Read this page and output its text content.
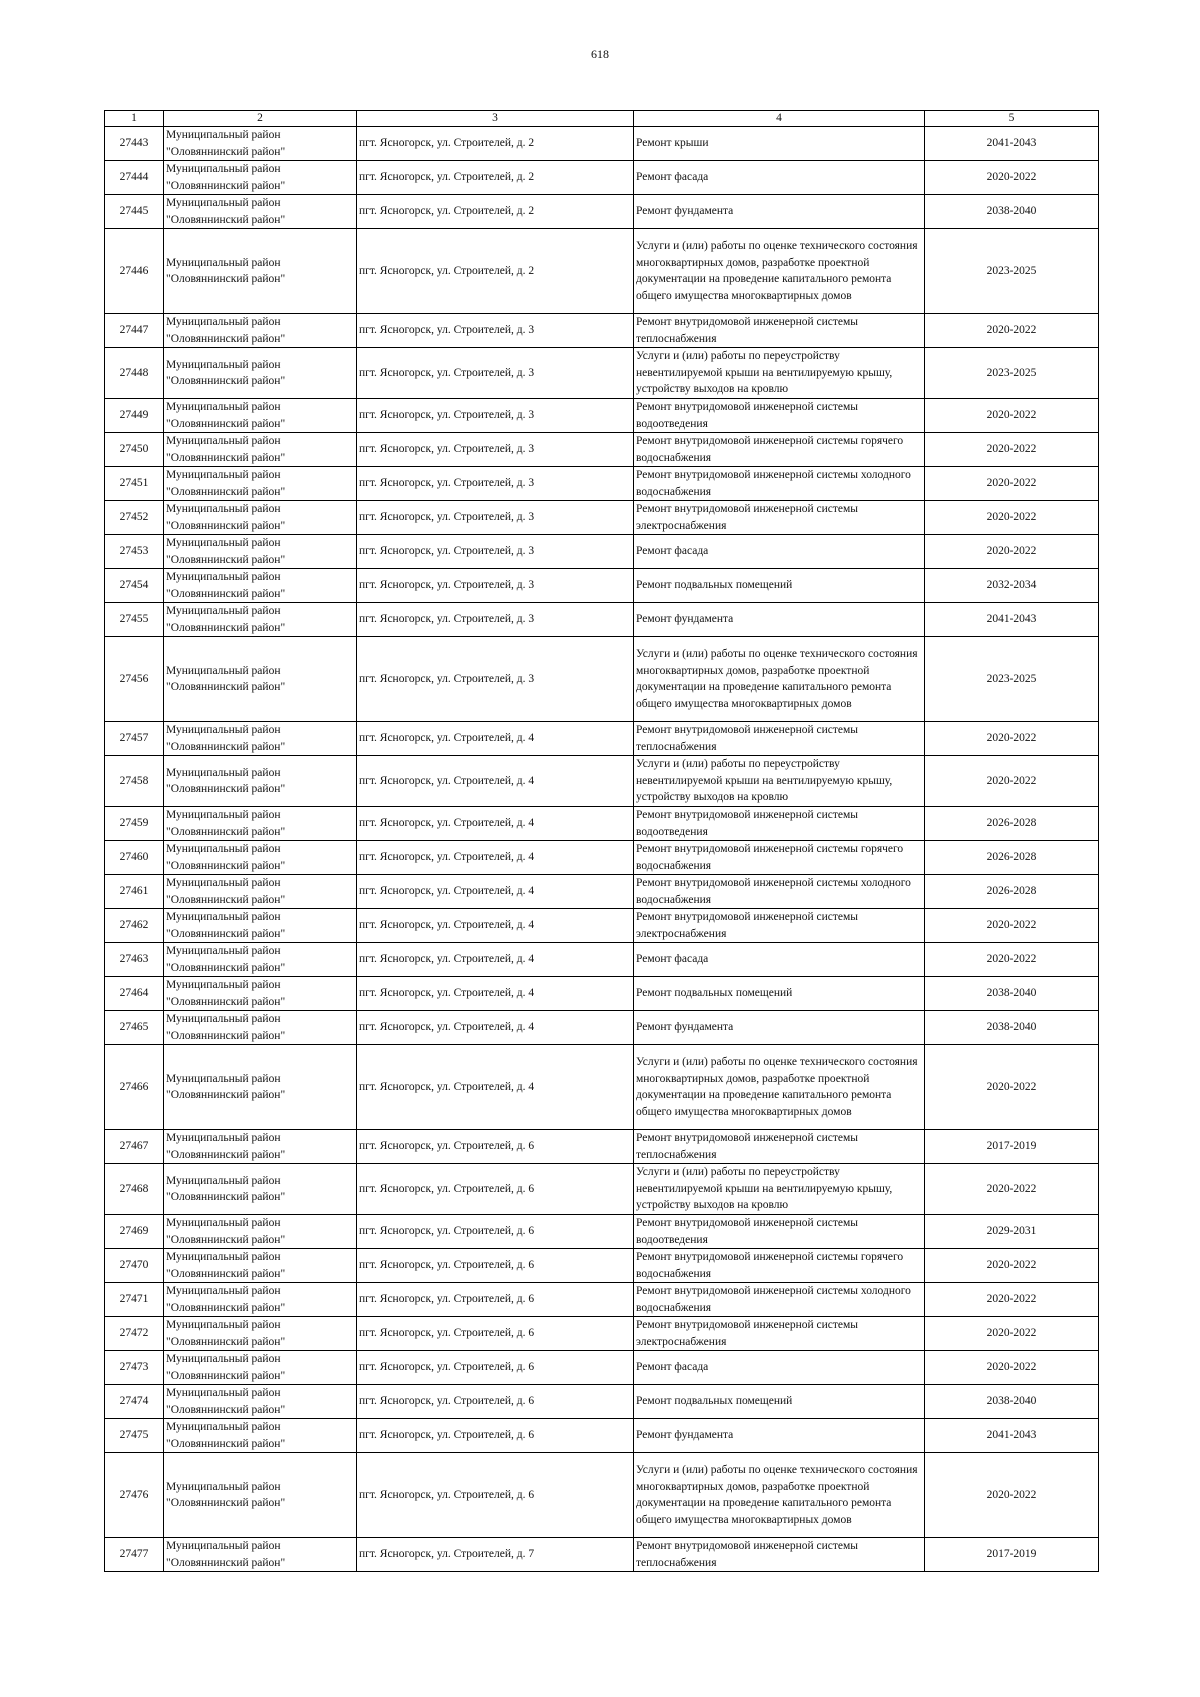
618
1	2	3	4	5
27443	Муниципальный район "Оловяннинский район"	пгт. Ясногорск, ул. Строителей, д. 2	Ремонт крыши	2041-2043
27444	Муниципальный район "Оловяннинский район"	пгт. Ясногорск, ул. Строителей, д. 2	Ремонт фасада	2020-2022
27445	Муниципальный район "Оловяннинский район"	пгт. Ясногорск, ул. Строителей, д. 2	Ремонт фундамента	2038-2040
27446	Муниципальный район "Оловяннинский район"	пгт. Ясногорск, ул. Строителей, д. 2	Услуги и (или) работы по оценке технического состояния многоквартирных домов, разработке проектной документации на проведение капитального ремонта общего имущества многоквартирных домов	2023-2025
27447	Муниципальный район "Оловяннинский район"	пгт. Ясногорск, ул. Строителей, д. 3	Ремонт внутридомовой инженерной системы теплоснабжения	2020-2022
27448	Муниципальный район "Оловяннинский район"	пгт. Ясногорск, ул. Строителей, д. 3	Услуги и (или) работы по переустройству невентилируемой крыши на вентилируемую крышу, устройству выходов на кровлю	2023-2025
27449	Муниципальный район "Оловяннинский район"	пгт. Ясногорск, ул. Строителей, д. 3	Ремонт внутридомовой инженерной системы водоотведения	2020-2022
27450	Муниципальный район "Оловяннинский район"	пгт. Ясногорск, ул. Строителей, д. 3	Ремонт внутридомовой инженерной системы горячего водоснабжения	2020-2022
27451	Муниципальный район "Оловяннинский район"	пгт. Ясногорск, ул. Строителей, д. 3	Ремонт внутридомовой инженерной системы холодного водоснабжения	2020-2022
27452	Муниципальный район "Оловяннинский район"	пгт. Ясногорск, ул. Строителей, д. 3	Ремонт внутридомовой инженерной системы электроснабжения	2020-2022
27453	Муниципальный район "Оловяннинский район"	пгт. Ясногорск, ул. Строителей, д. 3	Ремонт фасада	2020-2022
27454	Муниципальный район "Оловяннинский район"	пгт. Ясногорск, ул. Строителей, д. 3	Ремонт подвальных помещений	2032-2034
27455	Муниципальный район "Оловяннинский район"	пгт. Ясногорск, ул. Строителей, д. 3	Ремонт фундамента	2041-2043
27456	Муниципальный район "Оловяннинский район"	пгт. Ясногорск, ул. Строителей, д. 3	Услуги и (или) работы по оценке технического состояния многоквартирных домов, разработке проектной документации на проведение капитального ремонта общего имущества многоквартирных домов	2023-2025
27457	Муниципальный район "Оловяннинский район"	пгт. Ясногорск, ул. Строителей, д. 4	Ремонт внутридомовой инженерной системы теплоснабжения	2020-2022
27458	Муниципальный район "Оловяннинский район"	пгт. Ясногорск, ул. Строителей, д. 4	Услуги и (или) работы по переустройству невентилируемой крыши на вентилируемую крышу, устройству выходов на кровлю	2020-2022
27459	Муниципальный район "Оловяннинский район"	пгт. Ясногорск, ул. Строителей, д. 4	Ремонт внутридомовой инженерной системы водоотведения	2026-2028
27460	Муниципальный район "Оловяннинский район"	пгт. Ясногорск, ул. Строителей, д. 4	Ремонт внутридомовой инженерной системы горячего водоснабжения	2026-2028
27461	Муниципальный район "Оловяннинский район"	пгт. Ясногорск, ул. Строителей, д. 4	Ремонт внутридомовой инженерной системы холодного водоснабжения	2026-2028
27462	Муниципальный район "Оловяннинский район"	пгт. Ясногорск, ул. Строителей, д. 4	Ремонт внутридомовой инженерной системы электроснабжения	2020-2022
27463	Муниципальный район "Оловяннинский район"	пгт. Ясногорск, ул. Строителей, д. 4	Ремонт фасада	2020-2022
27464	Муниципальный район "Оловяннинский район"	пгт. Ясногорск, ул. Строителей, д. 4	Ремонт подвальных помещений	2038-2040
27465	Муниципальный район "Оловяннинский район"	пгт. Ясногорск, ул. Строителей, д. 4	Ремонт фундамента	2038-2040
27466	Муниципальный район "Оловяннинский район"	пгт. Ясногорск, ул. Строителей, д. 4	Услуги и (или) работы по оценке технического состояния многоквартирных домов, разработке проектной документации на проведение капитального ремонта общего имущества многоквартирных домов	2020-2022
27467	Муниципальный район "Оловяннинский район"	пгт. Ясногорск, ул. Строителей, д. 6	Ремонт внутридомовой инженерной системы теплоснабжения	2017-2019
27468	Муниципальный район "Оловяннинский район"	пгт. Ясногорск, ул. Строителей, д. 6	Услуги и (или) работы по переустройству невентилируемой крыши на вентилируемую крышу, устройству выходов на кровлю	2020-2022
27469	Муниципальный район "Оловяннинский район"	пгт. Ясногорск, ул. Строителей, д. 6	Ремонт внутридомовой инженерной системы водоотведения	2029-2031
27470	Муниципальный район "Оловяннинский район"	пгт. Ясногорск, ул. Строителей, д. 6	Ремонт внутридомовой инженерной системы горячего водоснабжения	2020-2022
27471	Муниципальный район "Оловяннинский район"	пгт. Ясногорск, ул. Строителей, д. 6	Ремонт внутридомовой инженерной системы холодного водоснабжения	2020-2022
27472	Муниципальный район "Оловяннинский район"	пгт. Ясногорск, ул. Строителей, д. 6	Ремонт внутридомовой инженерной системы электроснабжения	2020-2022
27473	Муниципальный район "Оловяннинский район"	пгт. Ясногорск, ул. Строителей, д. 6	Ремонт фасада	2020-2022
27474	Муниципальный район "Оловяннинский район"	пгт. Ясногорск, ул. Строителей, д. 6	Ремонт подвальных помещений	2038-2040
27475	Муниципальный район "Оловяннинский район"	пгт. Ясногорск, ул. Строителей, д. 6	Ремонт фундамента	2041-2043
27476	Муниципальный район "Оловяннинский район"	пгт. Ясногорск, ул. Строителей, д. 6	Услуги и (или) работы по оценке технического состояния многоквартирных домов, разработке проектной документации на проведение капитального ремонта общего имущества многоквартирных домов	2020-2022
27477	Муниципальный район "Оловяннинский район"	пгт. Ясногорск, ул. Строителей, д. 7	Ремонт внутридомовой инженерной системы теплоснабжения	2017-2019
